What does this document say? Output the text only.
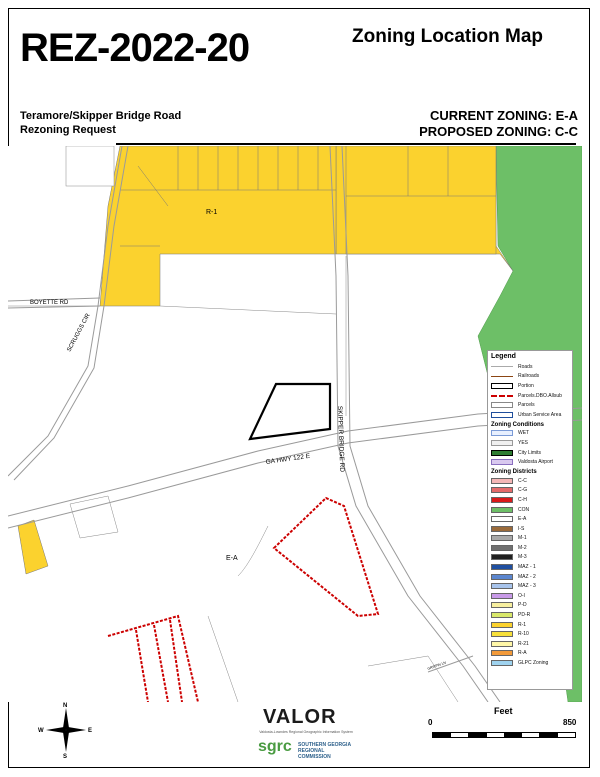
REZ-2022-20	Zoning Location Map
Teramore/Skipper Bridge Road
Rezoning Request
CURRENT ZONING: E-A
PROPOSED ZONING: C-C
R-1
E-A
BOYETTE RD
SCRUGGS CIR
GA HWY 122 E	SKIPPER BRIDGE RD
GRIFFIN LN
Legend
Roads
Railroads
Portion
Parcels.DBO.Allsub
Parcels
Urban Service Area
Zoning Conditions
WET
YES
City Limits
Valdosta Airport
Zoning Districts
C-C
C-G
C-H
CON
E-A
I-S
M-1
M-2
M-3
MAZ - 1
MAZ - 2
MAZ - 3
O-I
P-D
PD-R
R-1
R-10
R-21
R-A
GLPC Zoning
N
S
E
W
VALOR
Valdosta-Lowndes Regional Geographic Information System
sgrc SOUTHERN GEORGIA REGIONAL COMMISSION
Feet
0	850
